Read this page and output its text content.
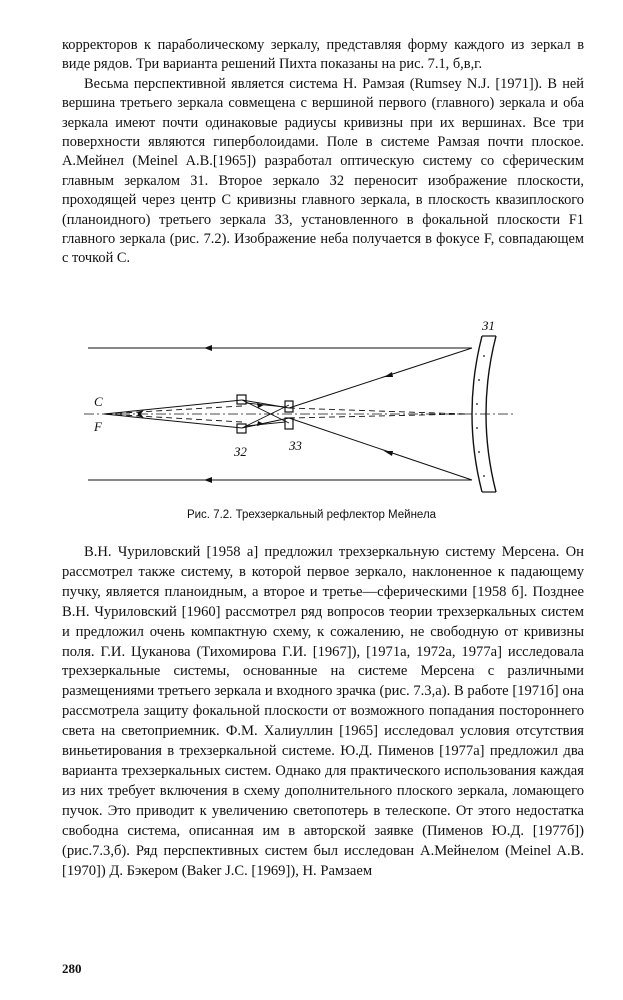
корректоров к параболическому зеркалу, представляя форму каждого из зеркал в виде рядов. Три варианта решений Пихта показаны на рис. 7.1, б,в,г.

Весьма перспективной является система Н. Рамзая (Rumsey N.J. [1971]). В ней вершина третьего зеркала совмещена с вершиной первого (главного) зеркала и оба зеркала имеют почти одинаковые радиусы кривизны при их вершинах. Все три поверхности являются гиперболоидами. Поле в системе Рамзая почти плоское. А.Мейнел (Meinel A.B.[1965]) разработал оптическую систему со сферическим главным зеркалом З1. Второе зеркало З2 переносит изображение плоскости, проходящей через центр C кривизны главного зеркала, в плоскость квазиплоского (планоидного) третьего зеркала З3, установленного в фокальной плоскости F1 главного зеркала (рис. 7.2). Изображение неба получается в фокусе F, совпадающем с точкой C.

З1
З2	З3
C
F
Рис. 7.2. Трехзеркальный рефлектор Мейнела

В.Н. Чуриловский [1958 а] предложил трехзеркальную систему Мерсена. Он рассмотрел также систему, в которой первое зеркало, наклоненное к падающему пучку, является планоидным, а второе и третье—сферическими [1958 б]. Позднее В.Н. Чуриловский [1960] рассмотрел ряд вопросов теории трехзеркальных систем и предложил очень компактную схему, к сожалению, не свободную от кривизны поля. Г.И. Цуканова (Тихомирова Г.И. [1967]), [1971а, 1972а, 1977а] исследовала трехзеркальные системы, основанные на системе Мерсена с различными размещениями третьего зеркала и входного зрачка (рис. 7.3,а). В работе [1971б] она рассмотрела защиту фокальной плоскости от возможного попадания постороннего света на светоприемник. Ф.М. Халиуллин [1965] исследовал условия отсутствия виньетирования в трехзеркальной системе. Ю.Д. Пименов [1977а] предложил два варианта трехзеркальных систем. Однако для практического использования каждая из них требует включения в схему дополнительного плоского зеркала, ломающего пучок. Это приводит к увеличению светопотерь в телескопе. От этого недостатка свободна система, описанная им в авторской заявке (Пименов Ю.Д. [1977б]) (рис.7.3,б). Ряд перспективных систем был исследован А.Мейнелом (Meinel A.B. [1970]) Д. Бэкером (Baker J.C. [1969]), Н. Рамзаем

280
